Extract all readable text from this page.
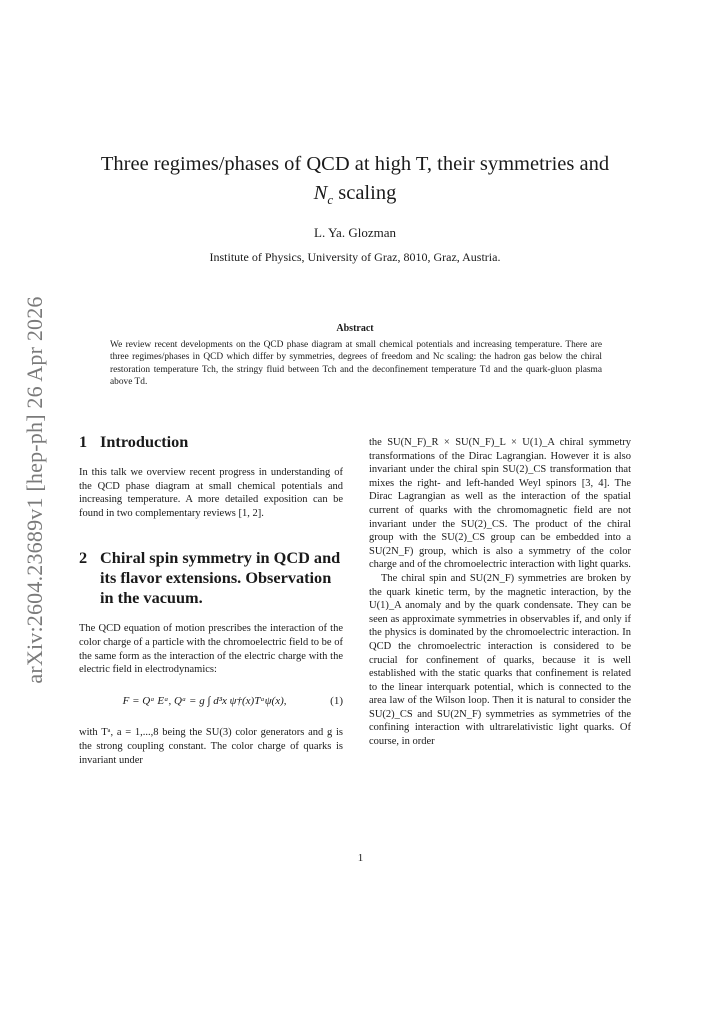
arXiv:2604.23689v1 [hep-ph] 26 Apr 2026
Three regimes/phases of QCD at high T, their symmetries and
$N_c$ scaling
L. Ya. Glozman
Institute of Physics, University of Graz, 8010, Graz, Austria.
Abstract
We review recent developments on the QCD phase diagram at small chemical potentials and increasing temperature. There are three regimes/phases in QCD which differ by symmetries, degrees of freedom and Nc scaling: the hadron gas below the chiral restoration temperature Tch, the stringy fluid between Tch and the deconfinement temperature Td and the quark-gluon plasma above Td.
1 Introduction

In this talk we overview recent progress in understanding of the QCD phase diagram at small chemical potentials and increasing temperature. A more detailed exposition can be found in two complementary reviews [1, 2].

2 Chiral spin symmetry in QCD and its flavor extensions. Observation in the vacuum.

The QCD equation of motion prescribes the interaction of the color charge of a particle with the chromoelectric field to be of the same form as the interaction of the electric charge with the electric field in electrodynamics:

F = Qᵃ Eᵃ, Qᵃ = g ∫ d³x ψ†(x)Tᵃψ(x),	(1)

with Tᵃ, a = 1,...,8 being the SU(3) color generators and g is the strong coupling constant. The color charge of quarks is invariant under

the SU(N_F)_R × SU(N_F)_L × U(1)_A chiral symmetry transformations of the Dirac Lagrangian. However it is also invariant under the chiral spin SU(2)_CS transformation that mixes the right- and left-handed Weyl spinors [3, 4]. The Dirac Lagrangian as well as the interaction of the spatial current of quarks with the chromomagnetic field are not invariant under the SU(2)_CS. The product of the chiral group with the SU(2)_CS group can be embedded into a SU(2N_F) group, which is also a symmetry of the color charge and of the chromoelectric interaction with light quarks.

The chiral spin and SU(2N_F) symmetries are broken by the quark kinetic term, by the magnetic interaction, by the U(1)_A anomaly and by the quark condensate. They can be seen as approximate symmetries in observables if, and only if the physics is dominated by the chromoelectric interaction. In QCD the chromoelectric interaction is considered to be crucial for confinement of quarks, because it is well established with the static quarks that confinement is related to the linear interquark potential, which is connected to the area law of the Wilson loop. Then it is natural to consider the SU(2)_CS and SU(2N_F) symmetries as symmetries of the confining interaction with ultrarelativistic light quarks. Of course, in order

1
